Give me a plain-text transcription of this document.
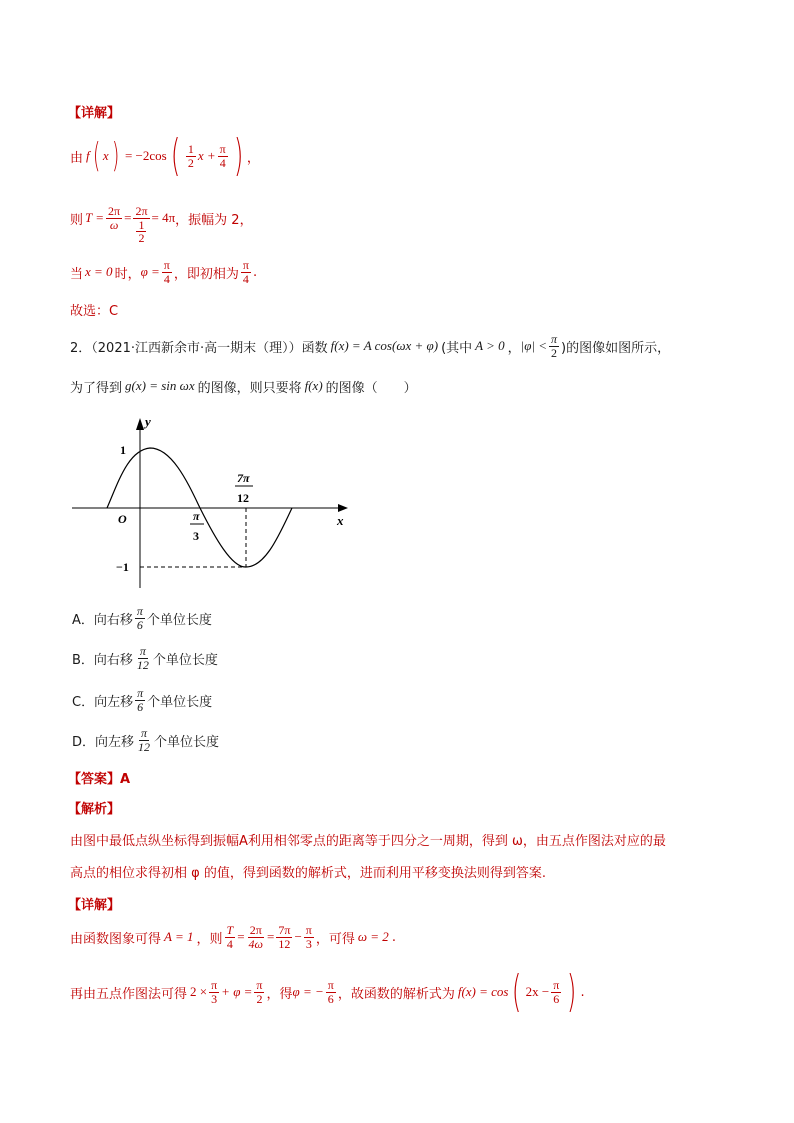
【详解】
由 f ( x ) = −2cos ( $\frac{1}{2}$ $x + \frac{\pi}{4}$ ) ，
则 $T = \frac{2\pi}{\omega} = \frac{2\pi}{\frac{1}{2}} = 4\pi$ ，振幅为 2，
当 x = 0 时， $\varphi = \frac{\pi}{4}$ ，即初相为 $\frac{\pi}{4}$ .
故选：C
2．（2021·江西新余市·高一期末（理））函数 f(x) = A cos(ωx + φ) (其中 A > 0 ， $|\varphi| < \frac{\pi}{2}$ )的图像如图所示，
为了得到 g(x) = sin ωx 的图像，则只要将 f(x) 的图像（　　）
y
x
O
1
−1
π
3
7π
12
A．向右移 $\frac{\pi}{6}$ 个单位长度
B．向右移 $\frac{\pi}{12}$ 个单位长度
C．向左移 $\frac{\pi}{6}$ 个单位长度
D．向左移 $\frac{\pi}{12}$ 个单位长度
【答案】A
【解析】
由图中最低点纵坐标得到振幅A利用相邻零点的距离等于四分之一周期，得到 ω，由五点作图法对应的最
高点的相位求得初相 φ 的值，得到函数的解析式，进而利用平移变换法则得到答案.
【详解】
由函数图象可得 A = 1 ，则 $\frac{T}{4} = \frac{2\pi}{4\omega} = \frac{7\pi}{12} - \frac{\pi}{3}$ ，可得 ω = 2 .
再由五点作图法可得 $2 \times \frac{\pi}{3} + \varphi = \frac{\pi}{2}$ ，得 φ = − $\frac{\pi}{6}$ ，故函数的解析式为 f(x) = cos ( $2x - \frac{\pi}{6}$ ) .
